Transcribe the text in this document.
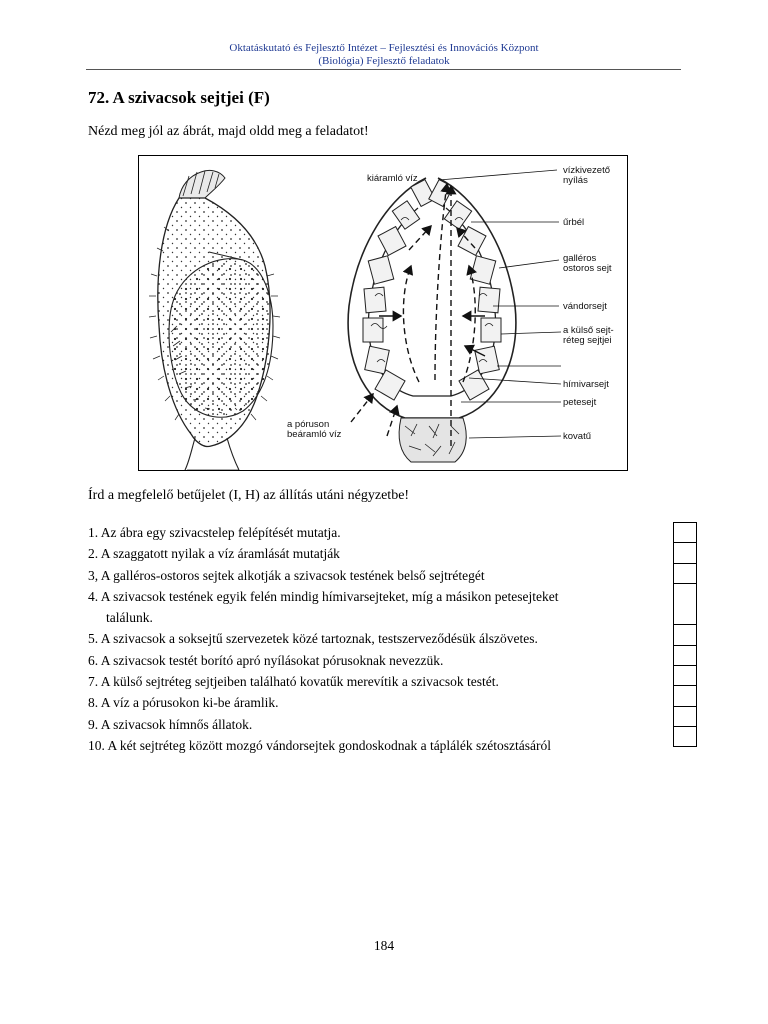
Oktatáskutató és Fejlesztő Intézet – Fejlesztési és Innovációs Központ
(Biológia) Fejlesztő feladatok
72. A szivacsok sejtjei (F)
Nézd meg jól az ábrát, majd oldd meg a feladatot!
kiáramló víz
vízkivezető
nyílás
űrbél
galléros
ostoros sejt
vándorsejt
a külső sejt-
réteg sejtjei
hímivarsejt
petesejt
a póruson
beáramló víz	kovatű
Írd a megfelelő betűjelet (I, H) az állítás utáni négyzetbe!
1. Az ábra egy szivacstelep felépítését mutatja.
2. A szaggatott nyilak a víz áramlását mutatják
3, A galléros-ostoros sejtek alkotják a szivacsok testének belső sejtrétegét
4. A szivacsok testének egyik felén mindig hímivarsejteket, míg a másikon petesejteket
találunk.
5. A szivacsok a soksejtű szervezetek közé tartoznak, testszerveződésük álszövetes.
6. A szivacsok testét borító apró nyílásokat pórusoknak nevezzük.
7. A külső sejtréteg sejtjeiben található kovatűk merevítik a szivacsok testét.
8. A víz a pórusokon ki-be áramlik.
9. A szivacsok hímnős állatok.
10. A két sejtréteg között mozgó vándorsejtek gondoskodnak a táplálék szétosztásáról
184
